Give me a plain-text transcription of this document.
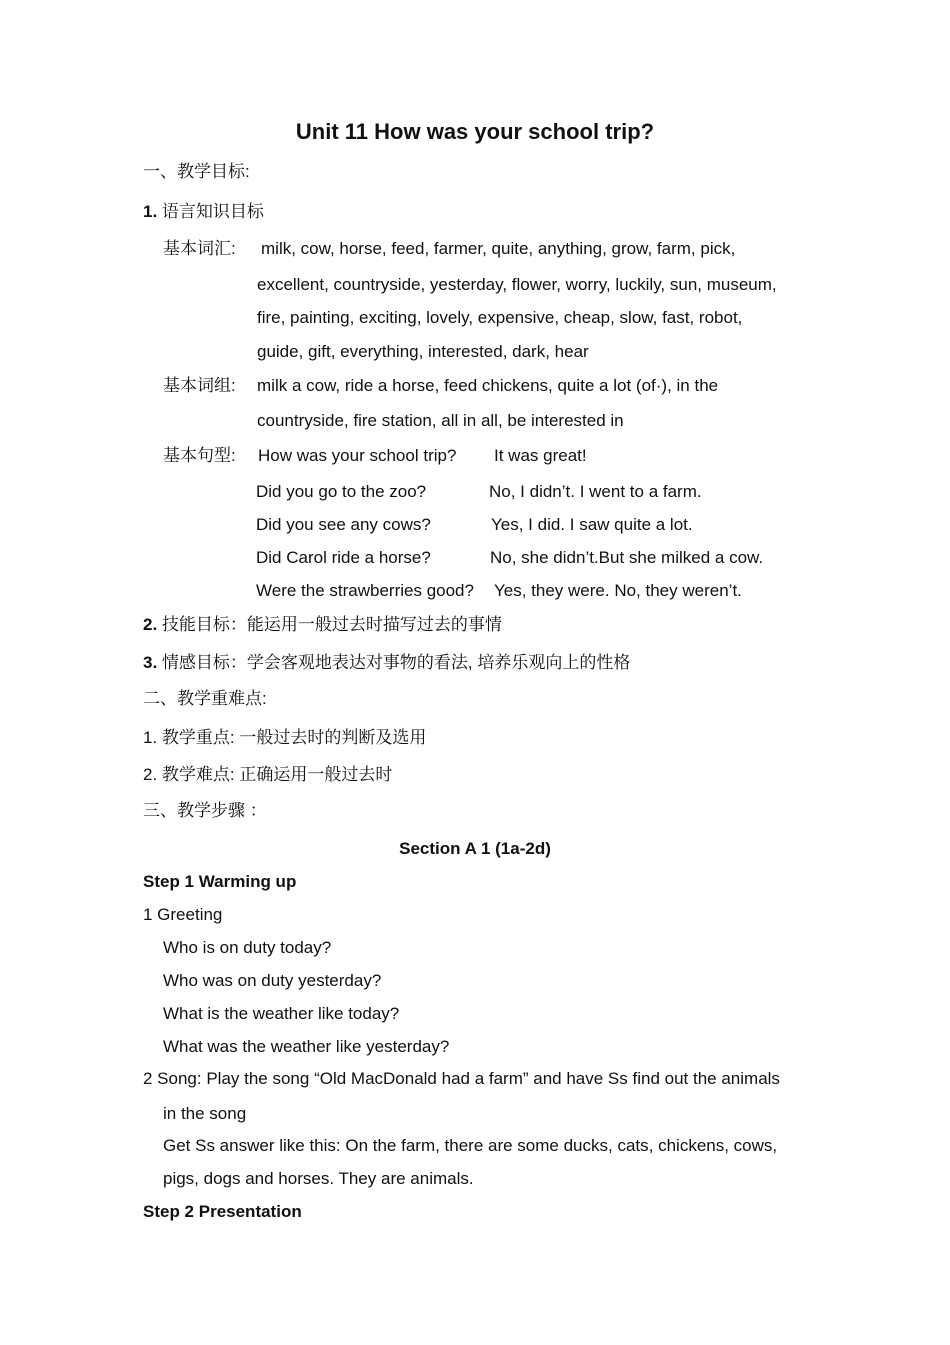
Unit 11 How was your school trip?
一、教学目标:
1. 语言知识目标
基本词汇: milk, cow, horse, feed, farmer, quite, anything, grow, farm, pick,
excellent, countryside, yesterday, flower, worry, luckily, sun, museum,
fire, painting, exciting, lovely, expensive, cheap, slow, fast, robot,
guide, gift, everything, interested, dark, hear
基本词组: milk a cow, ride a horse, feed chickens, quite a lot (of·), in the
countryside, fire station, all in all, be interested in
基本句型: How was your school trip? It was great!
Did you go to the zoo?	No, I didn’t. I went to a farm.
Did you see any cows?	Yes, I did. I saw quite a lot.
Did Carol ride a horse?	No, she didn’t.But she milked a cow.
Were the strawberries good? Yes, they were. No, they weren’t.
2. 技能目标：能运用一般过去时描写过去的事情
3. 情感目标：学会客观地表达对事物的看法, 培养乐观向上的性格
二、教学重难点:
1. 教学重点: 一般过去时的判断及选用
2. 教学难点: 正确运用一般过去时
三、教学步骤 ：
Section A 1 (1a-2d)
Step 1 Warming up
1 Greeting
Who is on duty today?
Who was on duty yesterday?
What is the weather like today?
What was the weather like yesterday?
2 Song: Play the song “Old MacDonald had a farm” and have Ss find out the animals
in the song
Get Ss answer like this: On the farm, there are some ducks, cats, chickens, cows,
pigs, dogs and horses. They are animals.
Step 2 Presentation
